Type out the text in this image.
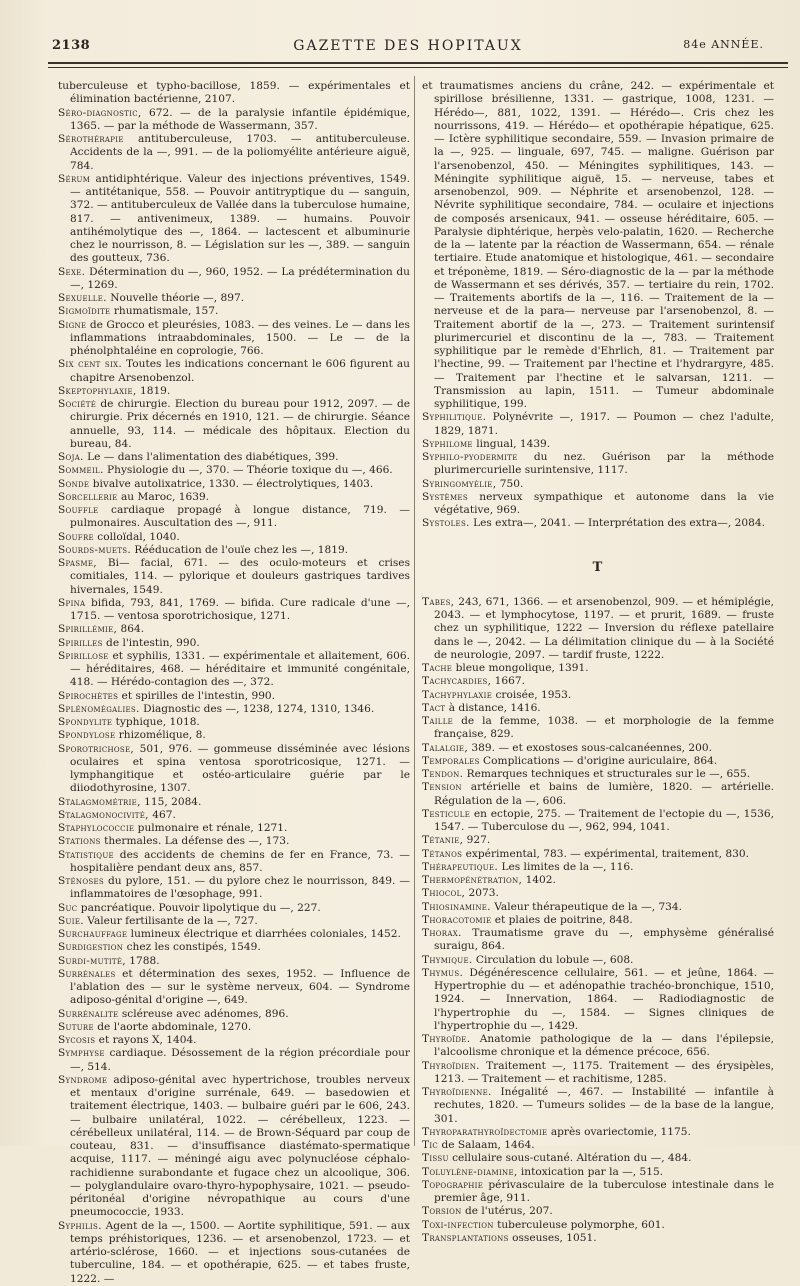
2138	GAZETTE DES HOPITAUX	84e ANNÉE.

tuberculeuse et typho-bacillose, 1859. — expérimentales et élimination bactérienne, 2107.

Séro-diagnostic, 672. — de la paralysie infantile épidémique, 1365. — par la méthode de Wassermann, 357.

Sérothérapie antituberculeuse, 1703. — antituberculeuse. Accidents de la —, 991. — de la poliomyélite antérieure aiguë, 784.

Sérum antidiphtérique. Valeur des injections préventives, 1549. — antitétanique, 558. — Pouvoir antitryptique du — sanguin, 372. — antituberculeux de Vallée dans la tuberculose humaine, 817. — antivenimeux, 1389. — humains. Pouvoir antihémolytique des —, 1864. — lactescent et albuminurie chez le nourrisson, 8. — Législation sur les —, 389. — sanguin des goutteux, 736.

Sexe. Détermination du —, 960, 1952. — La prédétermination du —, 1269.

Sexuelle. Nouvelle théorie —, 897.

Sigmoïdite rhumatismale, 157.

Signe de Grocco et pleurésies, 1083. — des veines. Le — dans les inflammations intraabdominales, 1500. — Le — de la phénolphtaléine en coprologie, 766.

Six cent six. Toutes les indications concernant le 606 figurent au chapitre Arsenobenzol.

Skeptophylaxie, 1819.

Société de chirurgie. Election du bureau pour 1912, 2097. — de chirurgie. Prix décernés en 1910, 121. — de chirurgie. Séance annuelle, 93, 114. — médicale des hôpitaux. Election du bureau, 84.

Soja. Le — dans l'alimentation des diabétiques, 399.

Sommeil. Physiologie du —, 370. — Théorie toxique du —, 466.

Sonde bivalve autolixatrice, 1330. — électrolytiques, 1403.

Sorcellerie au Maroc, 1639.

Souffle cardiaque propagé à longue distance, 719. — pulmonaires. Auscultation des —, 911.

Soufre colloïdal, 1040.

Sourds-muets. Rééducation de l'ouïe chez les —, 1819.

Spasme, Bi— facial, 671. — des oculo-moteurs et crises comitiales, 114. — pylorique et douleurs gastriques tardives hivernales, 1549.

Spina bifida, 793, 841, 1769. — bifida. Cure radicale d'une —, 1715. — ventosa sporotrichosique, 1271.

Spirillémie, 864.

Spirilles de l'intestin, 990.

Spirillose et syphilis, 1331. — expérimentale et allaitement, 606. — héréditaires, 468. — héréditaire et immunité congénitale, 418. — Hérédo-contagion des —, 372.

Spirochètes et spirilles de l'intestin, 990.

Splénomégalies. Diagnostic des —, 1238, 1274, 1310, 1346.

Spondylite typhique, 1018.

Spondylose rhizomélique, 8.

Sporotrichose, 501, 976. — gommeuse disséminée avec lésions oculaires et spina ventosa sporotricosique, 1271. — lymphangitique et ostéo-articulaire guérie par le diiodothyrosine, 1307.

Stalagmométrie, 115, 2084.

Stalagmonocivité, 467.

Staphylococcie pulmonaire et rénale, 1271.

Stations thermales. La défense des —, 173.

Statistique des accidents de chemins de fer en France, 73. —hospitalière pendant deux ans, 857.

Sténoses du pylore, 151. — du pylore chez le nourrisson, 849. — inflammatoires de l'œsophage, 991.

Suc pancréatique. Pouvoir lipolytique du —, 227.

Suie. Valeur fertilisante de la —, 727.

Surchauffage lumineux électrique et diarrhées coloniales, 1452.

Surdigestion chez les constipés, 1549.

Surdi-mutité, 1788.

Surrénales et détermination des sexes, 1952. — Influence de l'ablation des — sur le système nerveux, 604. — Syndrome adiposo-génital d'origine —, 649.

Surrénalite scléreuse avec adénomes, 896.

Suture de l'aorte abdominale, 1270.

Sycosis et rayons X, 1404.

Symphyse cardiaque. Désossement de la région précordiale pour —, 514.

Syndrome adiposo-génital avec hypertrichose, troubles nerveux et mentaux d'origine surrénale, 649. — basedowien et traitement électrique, 1403. — bulbaire guéri par le 606, 243. — bulbaire unilatéral, 1022. — cérébelleux, 1223. — cérébelleux unilatéral, 114. — de Brown-Séquard par coup de couteau, 831. — d'insuffisance diastémato-spermatique acquise, 1117. — méningé aigu avec polynucléose céphalo-rachidienne surabondante et fugace chez un alcoolique, 306. — polyglandulaire ovaro-thyro-hypophysaire, 1021. — pseudo-péritonéal d'origine névropathique au cours d'une pneumococcie, 1933.

Syphilis. Agent de la —, 1500. — Aortite syphilitique, 591. — aux temps préhistoriques, 1236. — et arsenobenzol, 1723. — et artério-sclérose, 1660. — et injections sous-cutanées de tuberculine, 184. — et opothérapie, 625. — et tabes fruste, 1222. —

et traumatismes anciens du crâne, 242. — expérimentale et spirillose brésilienne, 1331. — gastrique, 1008, 1231. — Hérédo—, 881, 1022, 1391. — Hérédo—. Cris chez les nourrissons, 419. — Hérédo— et opothérapie hépatique, 625. — Ictère syphilitique secondaire, 559. — Invasion primaire de la —, 925. — linguale, 697, 745. — maligne. Guérison par l'arsenobenzol, 450. — Méningites syphilitiques, 143. — Méningite syphilitique aiguë, 15. — nerveuse, tabes et arsenobenzol, 909. — Néphrite et arsenobenzol, 128. — Névrite syphilitique secondaire, 784. — oculaire et injections de composés arsenicaux, 941. — osseuse héréditaire, 605. — Paralysie diphtérique, herpès velo-palatin, 1620. — Recherche de la — latente par la réaction de Wassermann, 654. — rénale tertiaire. Etude anatomique et histologique, 461. — secondaire et tréponème, 1819. — Séro-diagnostic de la — par la méthode de Wassermann et ses dérivés, 357. — tertiaire du rein, 1702. — Traitements abortifs de la —, 116. — Traitement de la — nerveuse et de la para— nerveuse par l'arsenobenzol, 8. — Traitement abortif de la —, 273. — Traitement surintensif plurimercuriel et discontinu de la —, 783. — Traitement syphilitique par le remède d'Ehrlich, 81. — Traitement par l'hectine, 99. — Traitement par l'hectine et l'hydrargyre, 485. — Traitement par l'hectine et le salvarsan, 1211. — Transmission au lapin, 1511. — Tumeur abdominale syphilitique, 199.

Syphilitique. Polynévrite —, 1917. — Poumon — chez l'adulte, 1829, 1871.

Syphilome lingual, 1439.

Syphilo-pyodermite du nez. Guérison par la méthode plurimercurielle surintensive, 1117.

Syringomyélie, 750.

Systèmes nerveux sympathique et autonome dans la vie végétative, 969.

Systoles. Les extra—, 2041. — Interprétation des extra—, 2084.

T

Tabes, 243, 671, 1366. — et arsenobenzol, 909. — et hémiplégie, 2043. — et lymphocytose, 1197. — et prurit, 1689. — fruste chez un syphilitique, 1222 — Inversion du réflexe patellaire dans le —, 2042. — La délimitation clinique du — à la Société de neurologie, 2097. — tardif fruste, 1222.

Tache bleue mongolique, 1391.

Tachycardies, 1667.

Tachyphylaxie croisée, 1953.

Tact à distance, 1416.

Taille de la femme, 1038. — et morphologie de la femme française, 829.

Talalgie, 389. — et exostoses sous-calcanéennes, 200.

Temporales Complications — d'origine auriculaire, 864.

Tendon. Remarques techniques et structurales sur le —, 655.

Tension artérielle et bains de lumière, 1820. — artérielle. Régulation de la —, 606.

Testicule en ectopie, 275. — Traitement de l'ectopie du —, 1536, 1547. — Tuberculose du —, 962, 994, 1041.

Tétanie, 927.

Tétanos expérimental, 783. — expérimental, traitement, 830.

Thérapeutique. Les limites de la —, 116.

Thermopénétration, 1402.

Thiocol, 2073.

Thiosinamine. Valeur thérapeutique de la —, 734.

Thoracotomie et plaies de poitrine, 848.

Thorax. Traumatisme grave du —, emphysème généralisé suraigu, 864.

Thymique. Circulation du lobule —, 608.

Thymus. Dégénérescence cellulaire, 561. — et jeûne, 1864. — Hypertrophie du — et adénopathie trachéo-bronchique, 1510, 1924. — Innervation, 1864. — Radiodiagnostic de l'hypertrophie du —, 1584. — Signes cliniques de l'hypertrophie du —, 1429.

Thyroïde. Anatomie pathologique de la — dans l'épilepsie, l'alcoolisme chronique et la démence précoce, 656.

Thyroïdien. Traitement —, 1175. Traitement — des érysipèles, 1213. — Traitement — et rachitisme, 1285.

Thyroïdienne. Inégalité —, 467. — Instabilité — infantile à rechutes, 1820. — Tumeurs solides — de la base de la langue, 301.

Thyroparathyroïdectomie après ovariectomie, 1175.

Tic de Salaam, 1464.

Tissu cellulaire sous-cutané. Altération du —, 484.

Toluylène-diamine, intoxication par la —, 515.

Topographie périvasculaire de la tuberculose intestinale dans le premier âge, 911.

Torsion de l'utérus, 207.

Toxi-infection tuberculeuse polymorphe, 601.

Transplantations osseuses, 1051.
